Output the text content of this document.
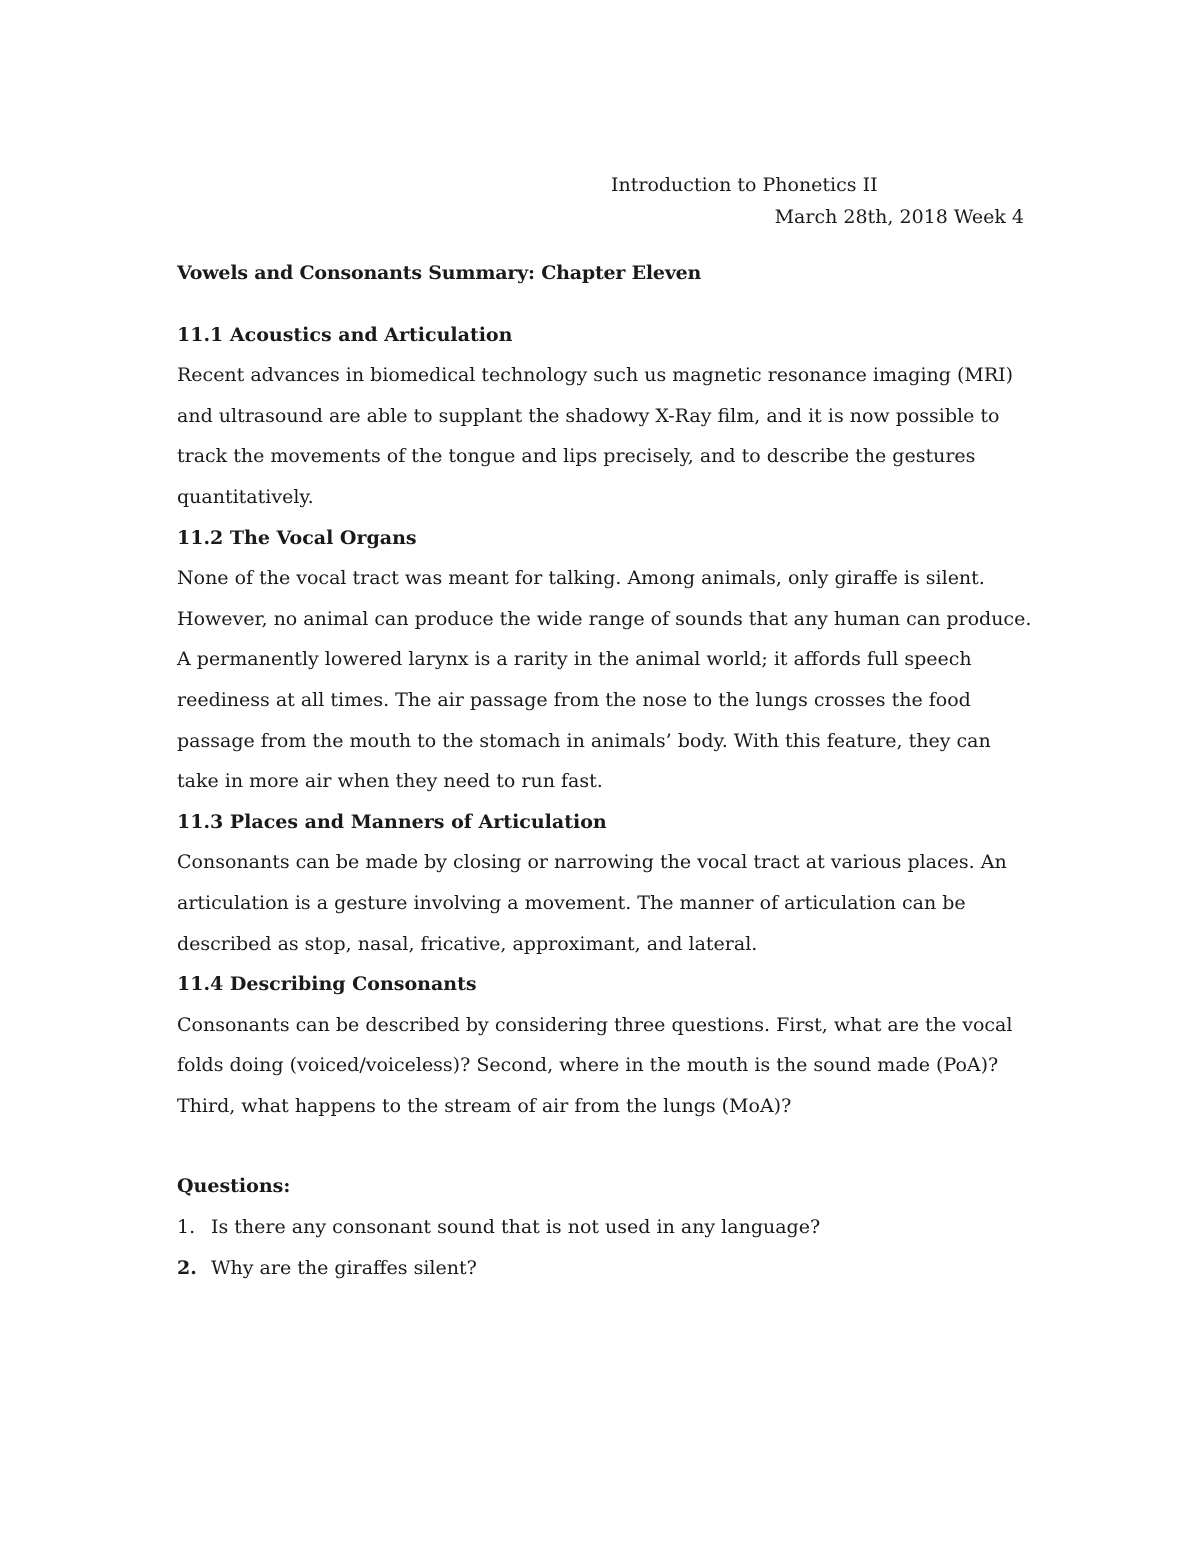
Introduction to Phonetics II
March 28th, 2018 Week 4

Vowels and Consonants Summary: Chapter Eleven

11.1 Acoustics and Articulation

Recent advances in biomedical technology such us magnetic resonance imaging (MRI) and ultrasound are able to supplant the shadowy X-Ray film, and it is now possible to track the movements of the tongue and lips precisely, and to describe the gestures quantitatively.

11.2 The Vocal Organs

None of the vocal tract was meant for talking. Among animals, only giraffe is silent. However, no animal can produce the wide range of sounds that any human can produce. A permanently lowered larynx is a rarity in the animal world; it affords full speech reediness at all times. The air passage from the nose to the lungs crosses the food passage from the mouth to the stomach in animals’ body. With this feature, they can take in more air when they need to run fast.

11.3 Places and Manners of Articulation

Consonants can be made by closing or narrowing the vocal tract at various places. An articulation is a gesture involving a movement. The manner of articulation can be described as stop, nasal, fricative, approximant, and lateral.

11.4 Describing Consonants

Consonants can be described by considering three questions. First, what are the vocal folds doing (voiced/voiceless)? Second, where in the mouth is the sound made (PoA)? Third, what happens to the stream of air from the lungs (MoA)?

Questions:

1. Is there any consonant sound that is not used in any language?
2. Why are the giraffes silent?
